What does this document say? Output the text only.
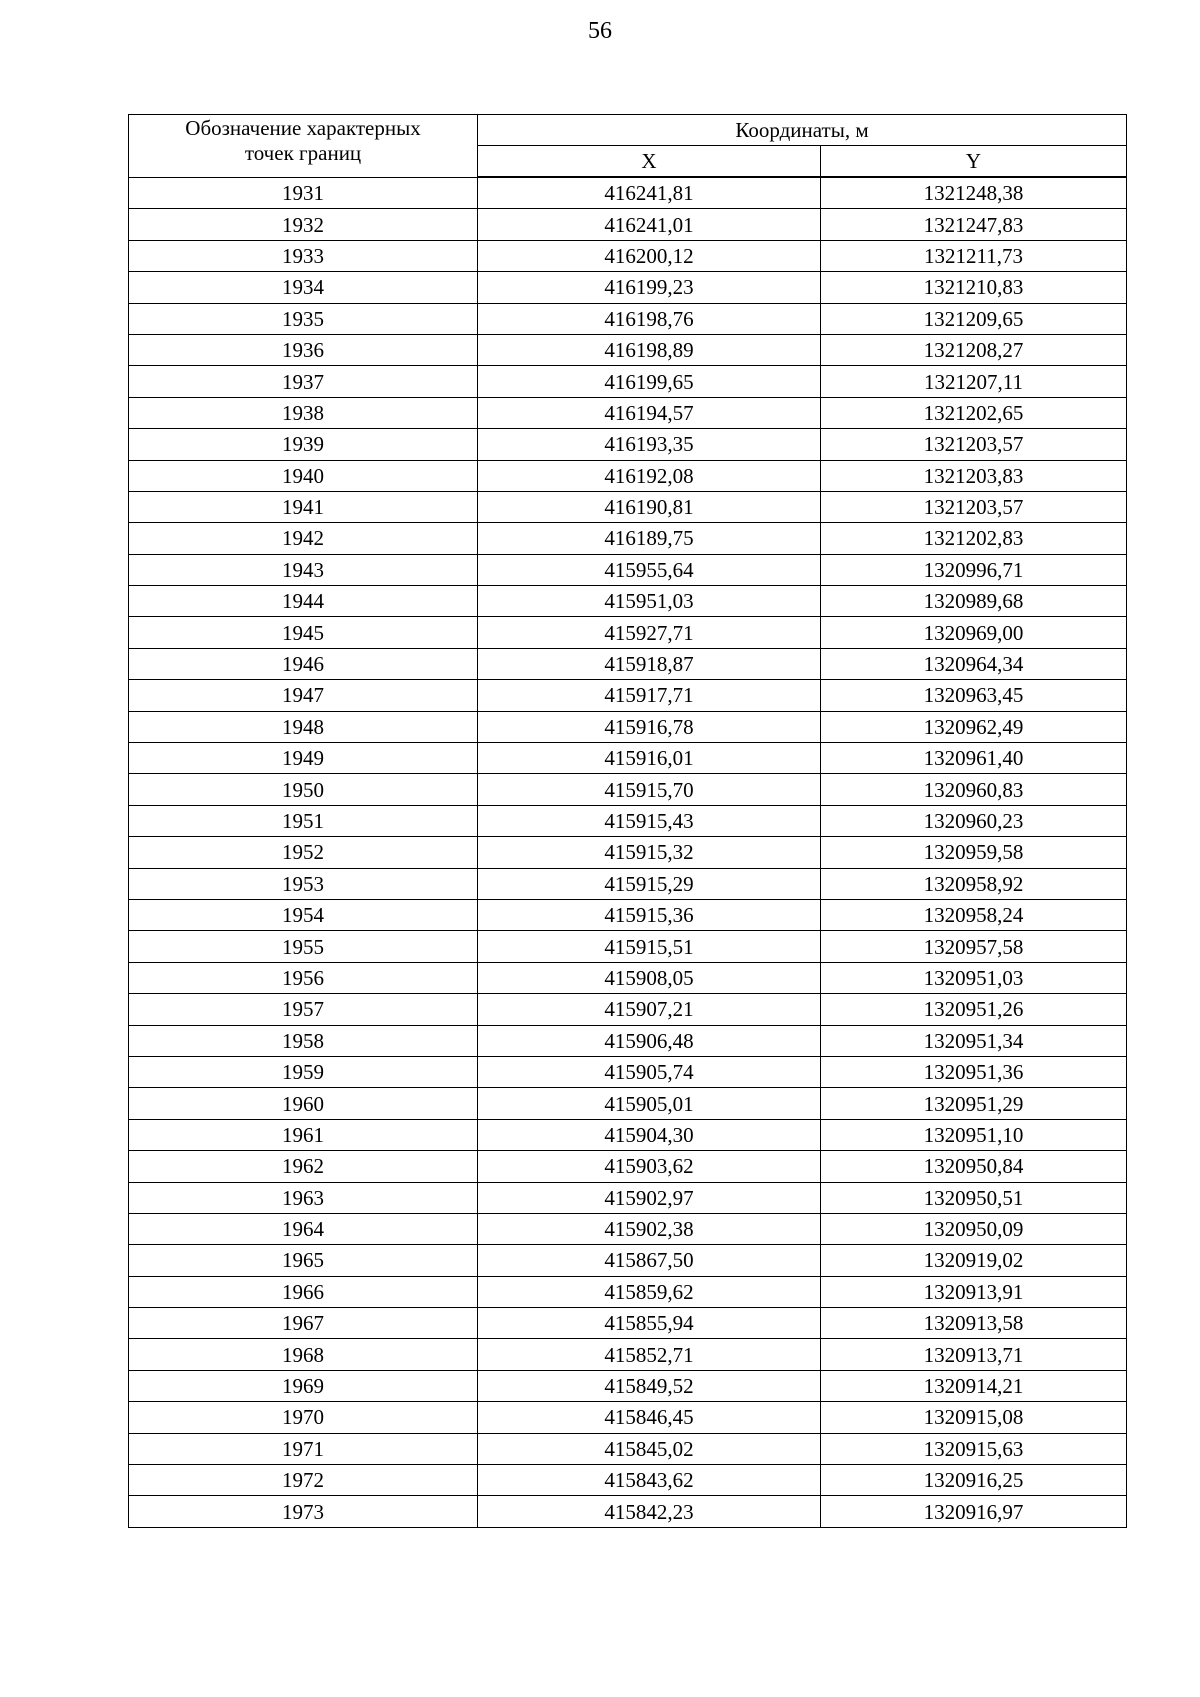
56
Обозначение характерных
точек границ	Координаты, м	
	X	Y
1931	416241,81	1321248,38
1932	416241,01	1321247,83
1933	416200,12	1321211,73
1934	416199,23	1321210,83
1935	416198,76	1321209,65
1936	416198,89	1321208,27
1937	416199,65	1321207,11
1938	416194,57	1321202,65
1939	416193,35	1321203,57
1940	416192,08	1321203,83
1941	416190,81	1321203,57
1942	416189,75	1321202,83
1943	415955,64	1320996,71
1944	415951,03	1320989,68
1945	415927,71	1320969,00
1946	415918,87	1320964,34
1947	415917,71	1320963,45
1948	415916,78	1320962,49
1949	415916,01	1320961,40
1950	415915,70	1320960,83
1951	415915,43	1320960,23
1952	415915,32	1320959,58
1953	415915,29	1320958,92
1954	415915,36	1320958,24
1955	415915,51	1320957,58
1956	415908,05	1320951,03
1957	415907,21	1320951,26
1958	415906,48	1320951,34
1959	415905,74	1320951,36
1960	415905,01	1320951,29
1961	415904,30	1320951,10
1962	415903,62	1320950,84
1963	415902,97	1320950,51
1964	415902,38	1320950,09
1965	415867,50	1320919,02
1966	415859,62	1320913,91
1967	415855,94	1320913,58
1968	415852,71	1320913,71
1969	415849,52	1320914,21
1970	415846,45	1320915,08
1971	415845,02	1320915,63
1972	415843,62	1320916,25
1973	415842,23	1320916,97
